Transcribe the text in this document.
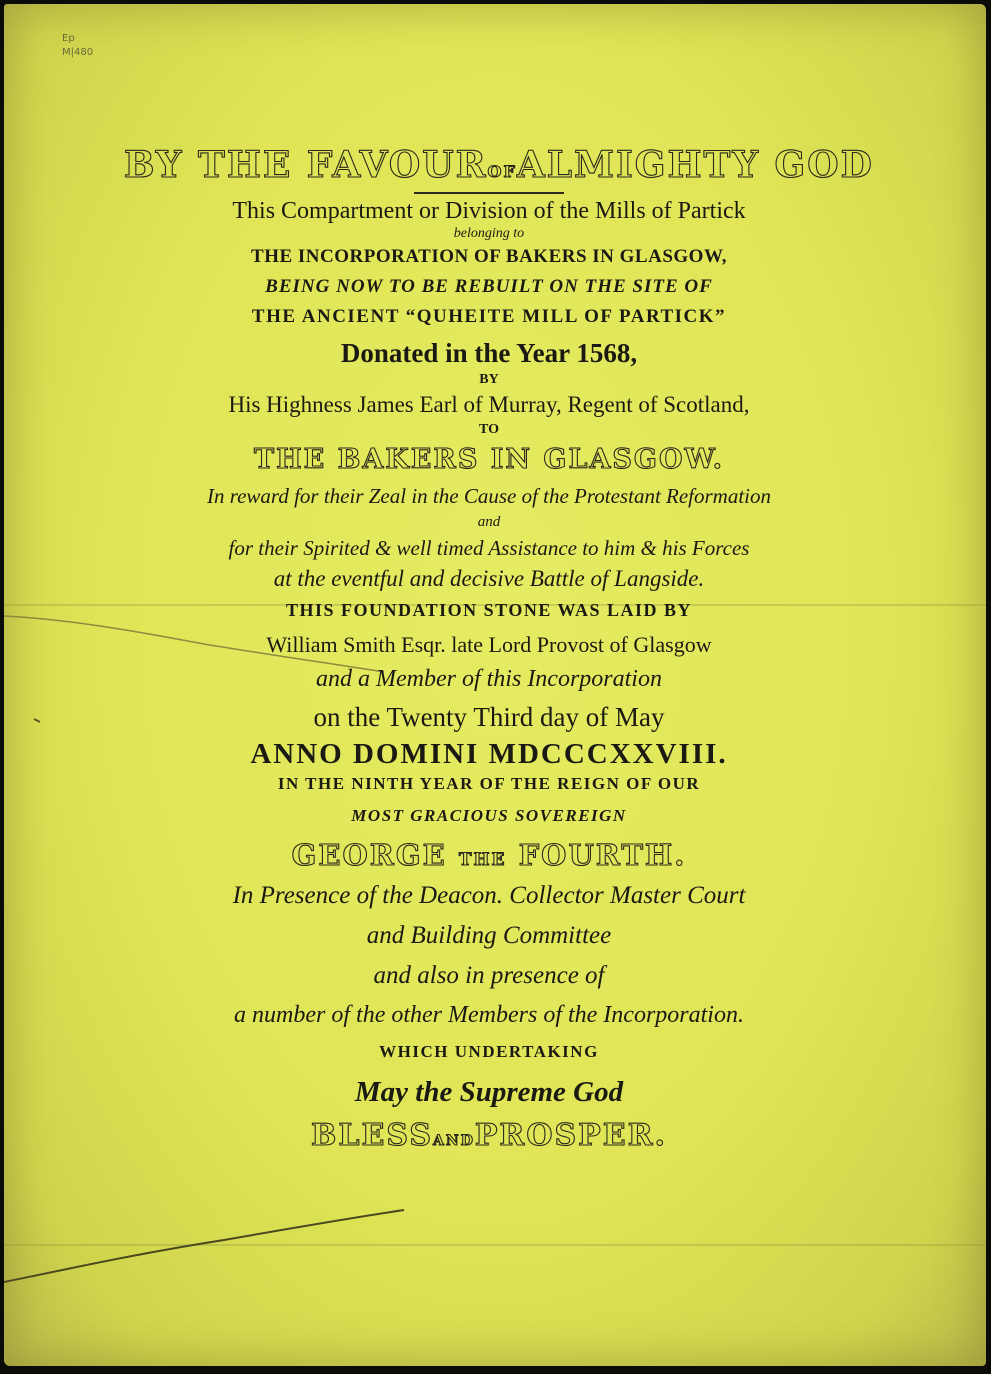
Ep
M|480
BY THE FAVOUROFALMIGHTY GOD
This Compartment or Division of the Mills of Partick
belonging to
THE INCORPORATION OF BAKERS IN GLASGOW,
BEING NOW TO BE REBUILT ON THE SITE OF
THE ANCIENT “QUHEITE MILL OF PARTICK”
Donated in the Year 1568,
BY
His Highness James Earl of Murray, Regent of Scotland,
TO
THE BAKERS IN GLASGOW.
In reward for their Zeal in the Cause of the Protestant Reformation
and
for their Spirited & well timed Assistance to him & his Forces
at the eventful and decisive Battle of Langside.
THIS FOUNDATION STONE WAS LAID BY
William Smith Esqr. late Lord Provost of Glasgow
and a Member of this Incorporation
on the Twenty Third day of May
ANNO DOMINI MDCCCXXVIII.
IN THE NINTH YEAR OF THE REIGN OF OUR
MOST GRACIOUS SOVEREIGN
GEORGE THE FOURTH.
In Presence of the Deacon. Collector Master Court
and Building Committee
and also in presence of
a number of the other Members of the Incorporation.
WHICH UNDERTAKING
May the Supreme God
BLESSANDPROSPER.
